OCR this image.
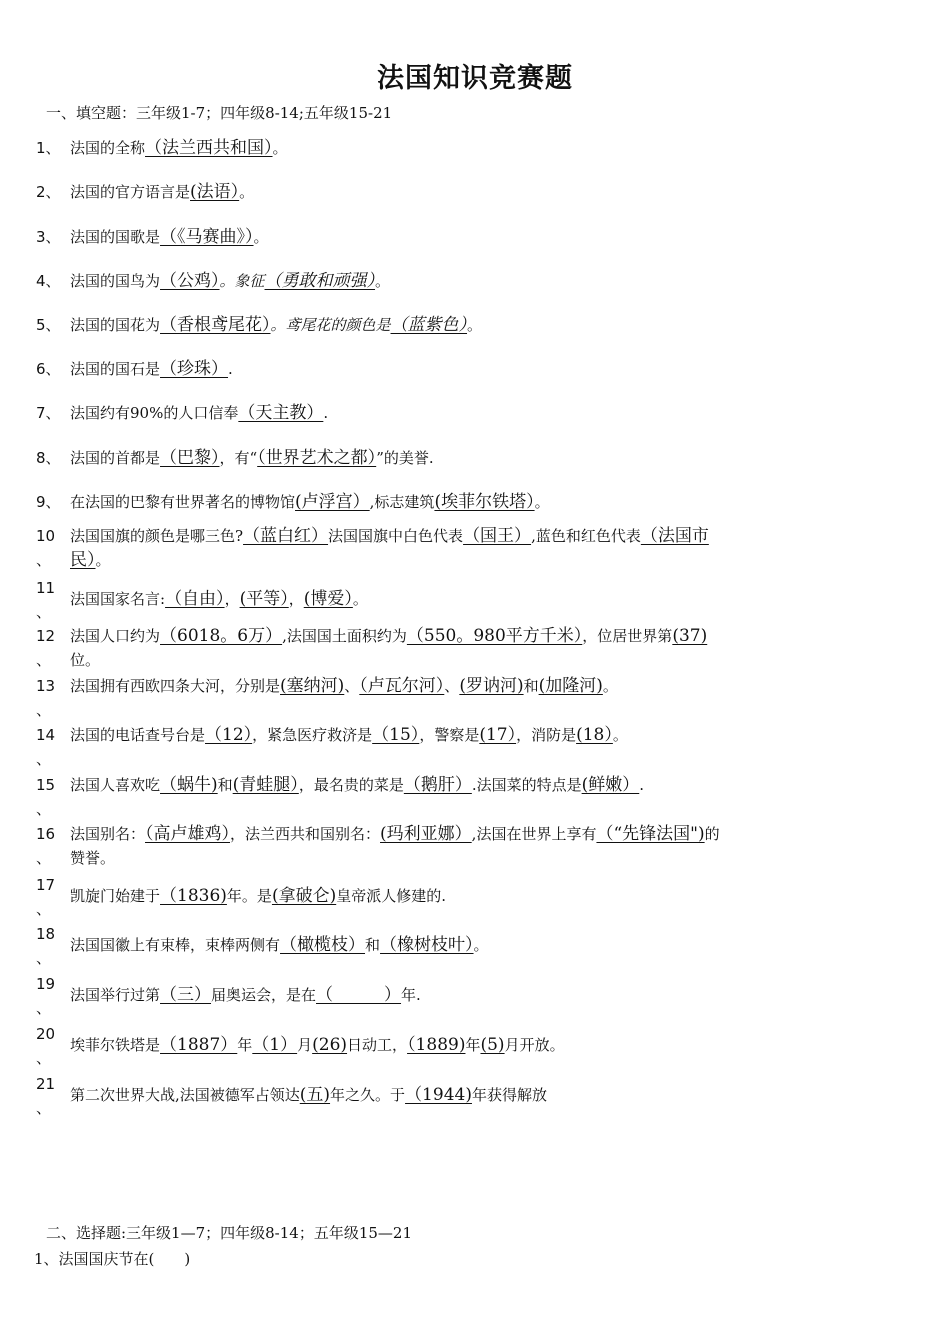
法国知识竞赛题
一、填空题：三年级1-7；四年级8-14;五年级15-21
1、 法国的全称（法兰西共和国）。
2、 法国的官方语言是(法语）。
3、 法国的国歌是（《马赛曲》）。
4、 法国的国鸟为（公鸡）。象征（勇敢和顽强）。
5、 法国的国花为（香根鸢尾花）。鸢尾花的颜色是（蓝紫色）。
6、 法国的国石是（珍珠）.
7、 法国约有90%的人口信奉（天主教）.
8、 法国的首都是（巴黎），有“（世界艺术之都）”的美誉.
9、 在法国的巴黎有世界著名的博物馆(卢浮宫）,标志建筑(埃菲尔铁塔）。
10
、
法国国旗的颜色是哪三色?（蓝白红）法国国旗中白色代表（国王）,蓝色和红色代表（法国市民）。
11
、
法国国家名言:（自由），(平等），(博爱）。
12
、
法国人口约为（6018。6万）,法国国土面积约为（550。980平方千米），位居世界第(37)位。
13
、
法国拥有西欧四条大河，分别是(塞纳河)、（卢瓦尔河）、(罗讷河)和(加隆河)。
14
、
法国的电话查号台是（12），紧急医疗救济是（15），警察是(17），消防是(18）。
15
、
法国人喜欢吃（蜗牛)和(青蛙腿），最名贵的菜是（鹅肝）.法国菜的特点是(鲜嫩）.
16
、
法国别名：（高卢雄鸡），法兰西共和国别名：(玛利亚娜）,法国在世界上享有（“先锋法国")的赞誉。
17
、
凯旋门始建于（1836)年。是(拿破仑)皇帝派人修建的.
18
、
法国国徽上有束棒，束棒两侧有（橄榄枝）和（橡树枝叶）。
19
、
法国举行过第（三）届奥运会，是在（　　　）年.
20
、
埃菲尔铁塔是（1887）年（1）月(26)日动工，（1889)年(5)月开放。
21
、
第二次世界大战,法国被德军占领达(五)年之久。于（1944)年获得解放
二、选择题:三年级1—7；四年级8-14；五年级15—21
1、法国国庆节在(　　)
